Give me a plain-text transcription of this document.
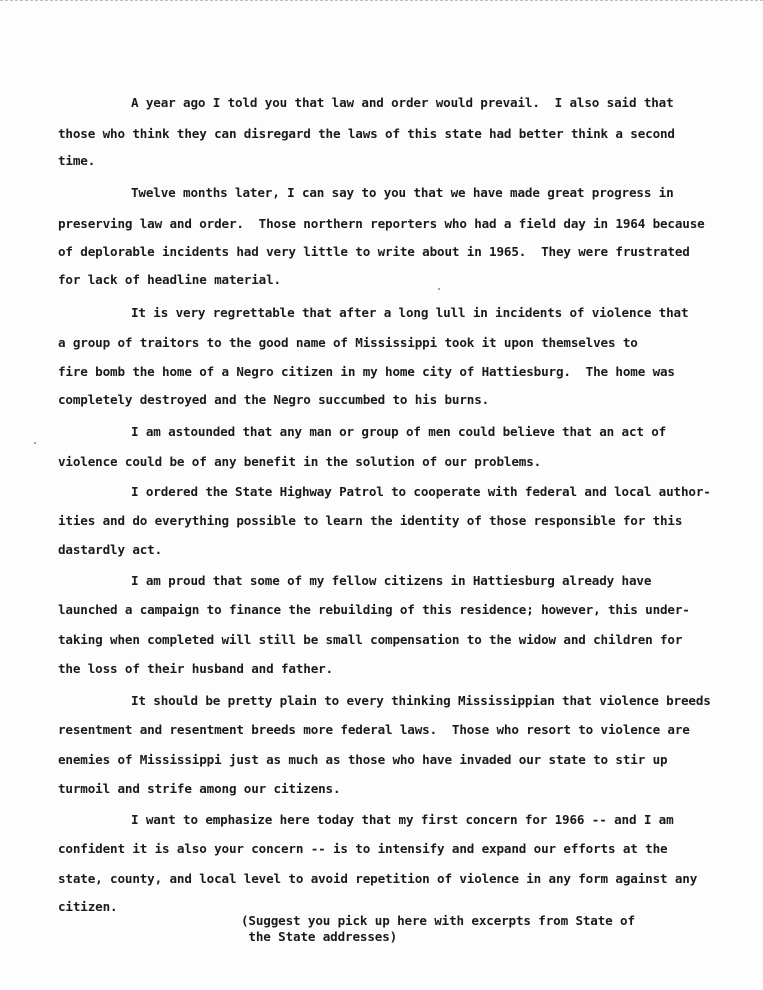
A year ago I told you that law and order would prevail.  I also said that
those who think they can disregard the laws of this state had better think a second
time.
Twelve months later, I can say to you that we have made great progress in
preserving law and order.  Those northern reporters who had a field day in 1964 because
of deplorable incidents had very little to write about in 1965.  They were frustrated
for lack of headline material.
It is very regrettable that after a long lull in incidents of violence that
a group of traitors to the good name of Mississippi took it upon themselves to
fire bomb the home of a Negro citizen in my home city of Hattiesburg.  The home was
completely destroyed and the Negro succumbed to his burns.
I am astounded that any man or group of men could believe that an act of
violence could be of any benefit in the solution of our problems.
I ordered the State Highway Patrol to cooperate with federal and local author-
ities and do everything possible to learn the identity of those responsible for this
dastardly act.
I am proud that some of my fellow citizens in Hattiesburg already have
launched a campaign to finance the rebuilding of this residence; however, this under-
taking when completed will still be small compensation to the widow and children for
the loss of their husband and father.
It should be pretty plain to every thinking Mississippian that violence breeds
resentment and resentment breeds more federal laws.  Those who resort to violence are
enemies of Mississippi just as much as those who have invaded our state to stir up
turmoil and strife among our citizens.
I want to emphasize here today that my first concern for 1966 -- and I am
confident it is also your concern -- is to intensify and expand our efforts at the
state, county, and local level to avoid repetition of violence in any form against any
citizen.
(Suggest you pick up here with excerpts from State of
the State addresses)
